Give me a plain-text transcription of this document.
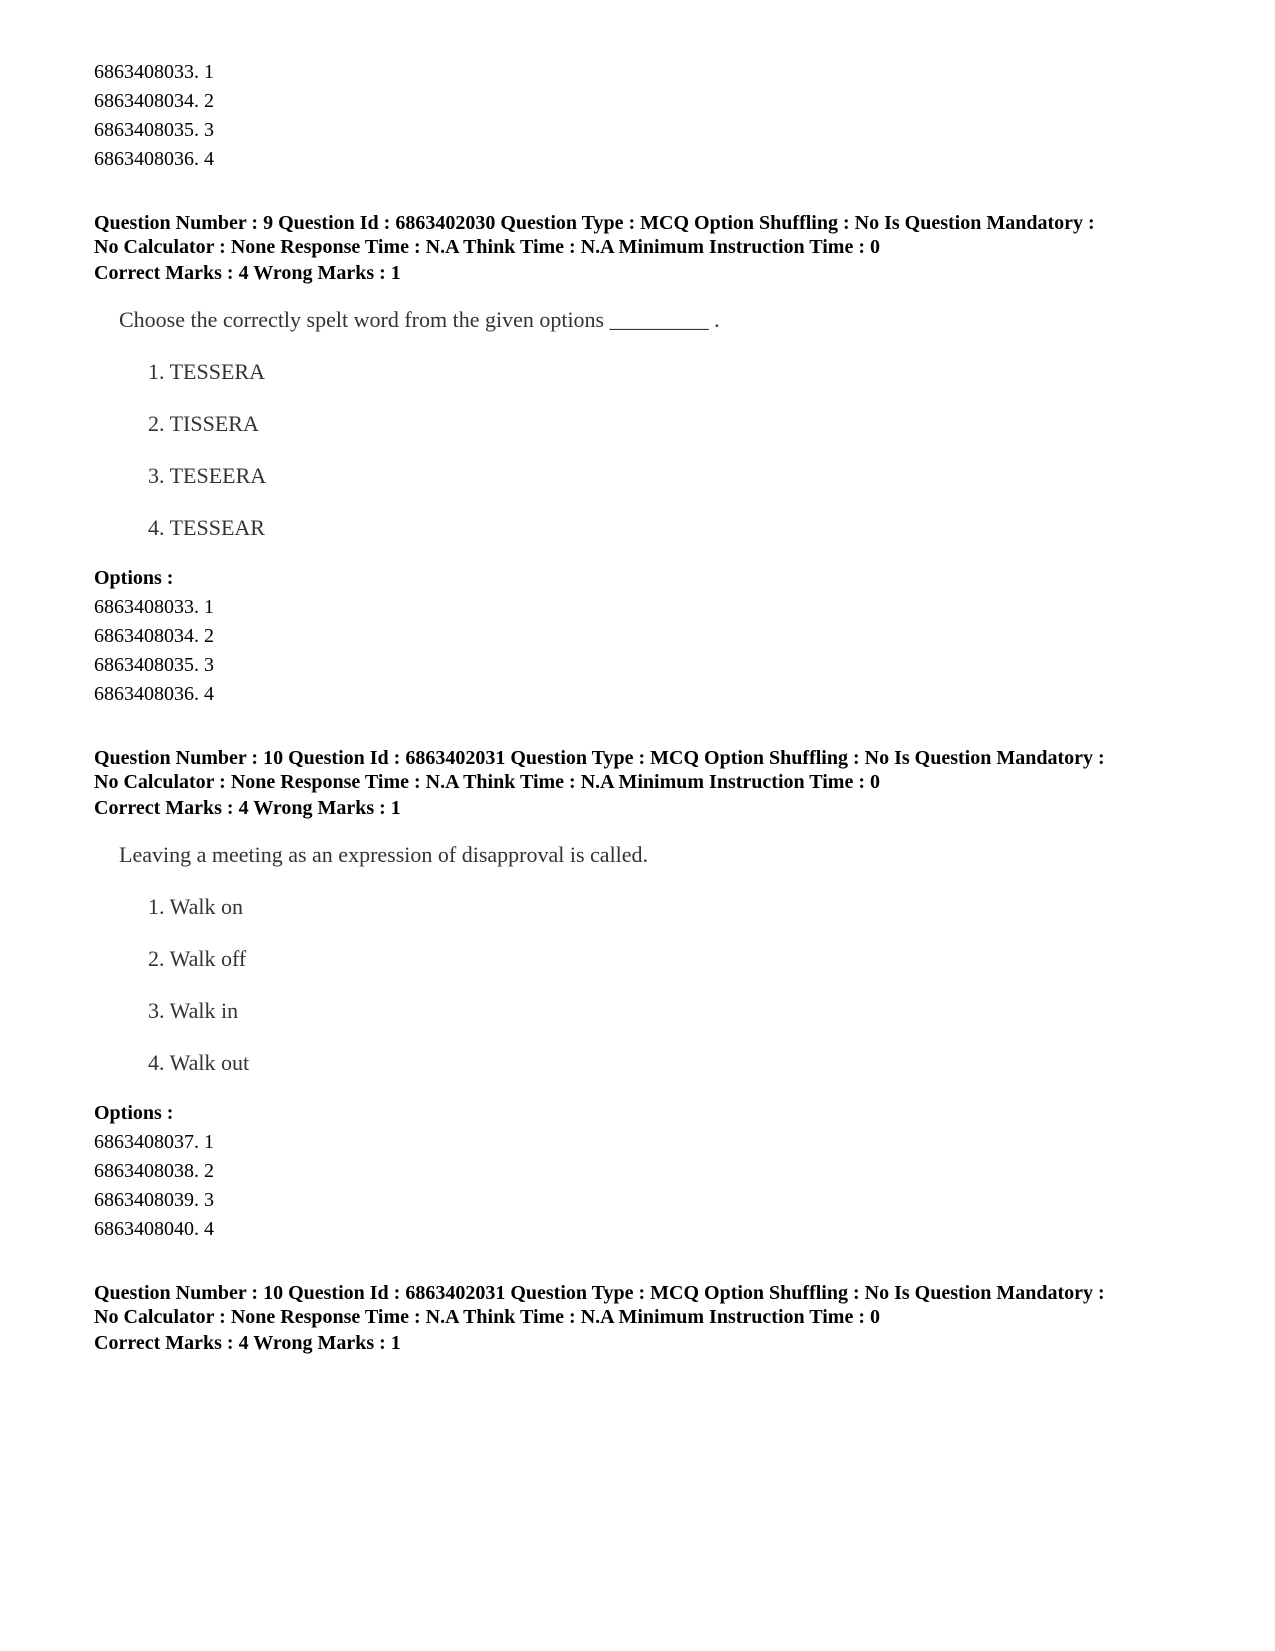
6863408033. 1
6863408034. 2
6863408035. 3
6863408036. 4
Question Number : 9 Question Id : 6863402030 Question Type : MCQ Option Shuffling : No Is Question Mandatory :
No Calculator : None Response Time : N.A Think Time : N.A Minimum Instruction Time : 0
Correct Marks : 4 Wrong Marks : 1
Choose the correctly spelt word from the given options _________ .
1. TESSERA
2. TISSERA
3. TESEERA
4. TESSEAR
Options :
6863408033. 1
6863408034. 2
6863408035. 3
6863408036. 4
Question Number : 10 Question Id : 6863402031 Question Type : MCQ Option Shuffling : No Is Question Mandatory :
No Calculator : None Response Time : N.A Think Time : N.A Minimum Instruction Time : 0
Correct Marks : 4 Wrong Marks : 1
Leaving a meeting as an expression of disapproval is called.
1. Walk on
2. Walk off
3. Walk in
4. Walk out
Options :
6863408037. 1
6863408038. 2
6863408039. 3
6863408040. 4
Question Number : 10 Question Id : 6863402031 Question Type : MCQ Option Shuffling : No Is Question Mandatory :
No Calculator : None Response Time : N.A Think Time : N.A Minimum Instruction Time : 0
Correct Marks : 4 Wrong Marks : 1
